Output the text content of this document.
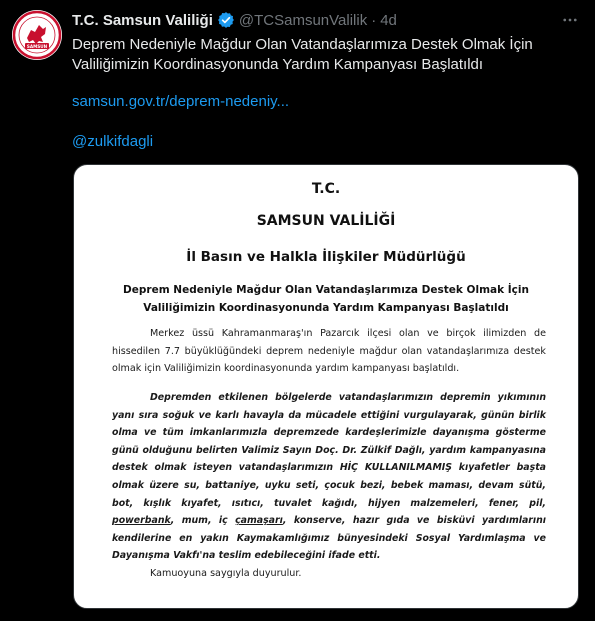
SAMSUN
T.C. Samsun Valiliği @TCSamsunValilik · 4d
Deprem Nedeniyle Mağdur Olan Vatandaşlarımıza Destek Olmak İçin Valiliğimizin Koordinasyonunda Yardım Kampanyası Başlatıldı
samsun.gov.tr/deprem-nedeniy...
@zulkifdagli
T.C.
SAMSUN VALİLİĞİ
İl Basın ve Halkla İlişkiler Müdürlüğü
Deprem Nedeniyle Mağdur Olan Vatandaşlarımıza Destek Olmak İçin Valiliğimizin Koordinasyonunda Yardım Kampanyası Başlatıldı
Merkez üssü Kahramanmaraş'ın Pazarcık ilçesi olan ve birçok ilimizden de hissedilen 7.7 büyüklüğündeki deprem nedeniyle mağdur olan vatandaşlarımıza destek olmak için Valiliğimizin koordinasyonunda yardım kampanyası başlatıldı.
Depremden etkilenen bölgelerde vatandaşlarımızın depremin yıkımının yanı sıra soğuk ve karlı havayla da mücadele ettiğini vurgulayarak, günün birlik olma ve tüm imkanlarımızla depremzede kardeşlerimizle dayanışma gösterme günü olduğunu belirten Valimiz Sayın Doç. Dr. Zülkif Dağlı, yardım kampanyasına destek olmak isteyen vatandaşlarımızın HİÇ KULLANILMAMIŞ kıyafetler başta olmak üzere su, battaniye, uyku seti, çocuk bezi, bebek maması, devam sütü, bot, kışlık kıyafet, ısıtıcı, tuvalet kağıdı, hijyen malzemeleri, fener, pil, powerbank, mum, iç çamaşarı, konserve, hazır gıda ve bisküvi yardımlarını kendilerine en yakın Kaymakamlığımız bünyesindeki Sosyal Yardımlaşma ve Dayanışma Vakfı'na teslim edebileceğini ifade etti.
Kamuoyuna saygıyla duyurulur.
